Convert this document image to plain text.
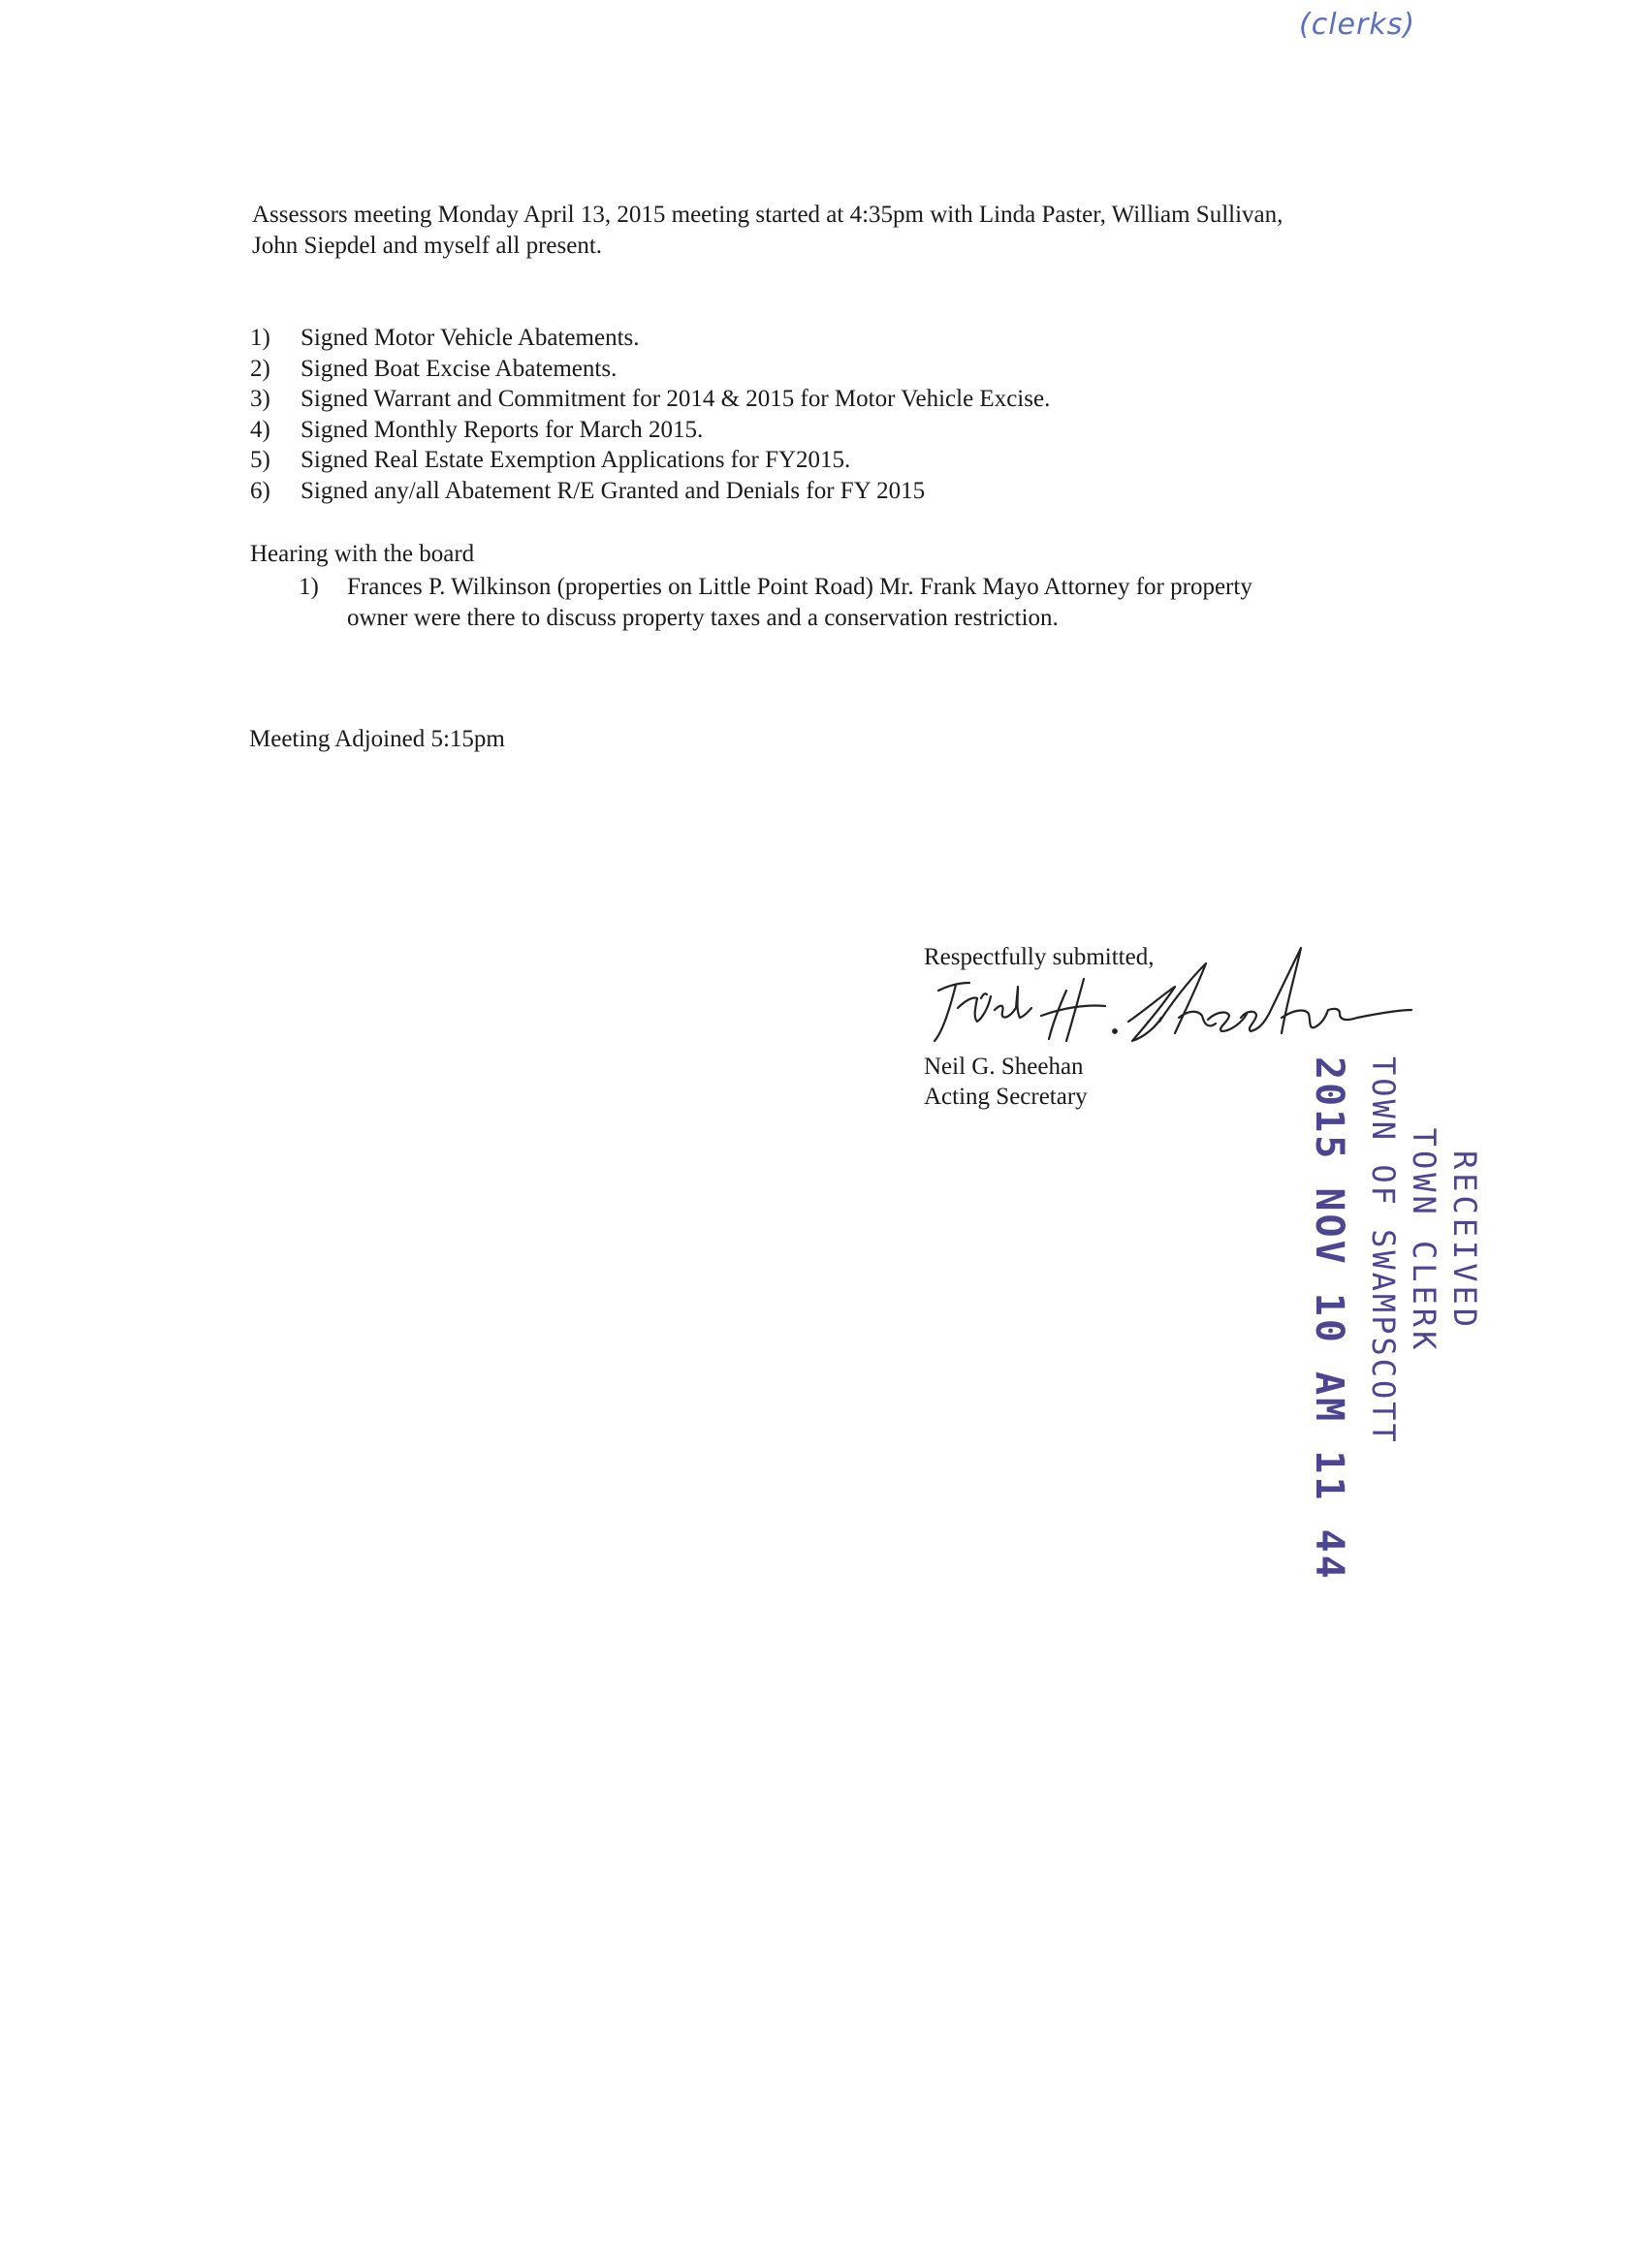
(clerks)
Assessors meeting Monday April 13, 2015 meeting started at 4:35pm with Linda Paster, William Sullivan,
John Siepdel and myself all present.
1) Signed Motor Vehicle Abatements.
2) Signed Boat Excise Abatements.
3) Signed Warrant and Commitment for 2014 & 2015 for Motor Vehicle Excise.
4) Signed Monthly Reports for March 2015.
5) Signed Real Estate Exemption Applications for FY2015.
6) Signed any/all Abatement R/E Granted and Denials for FY 2015
Hearing with the board
1)	Frances P. Wilkinson (properties on Little Point Road) Mr. Frank Mayo Attorney for property
owner were there to discuss property taxes and a conservation restriction.
Meeting Adjoined 5:15pm
Respectfully submitted,
Neil G. Sheehan
Acting Secretary
RECEIVED
TOWN CLERK
TOWN OF SWAMPSCOTT
2015 NOV 10 AM 11 44
